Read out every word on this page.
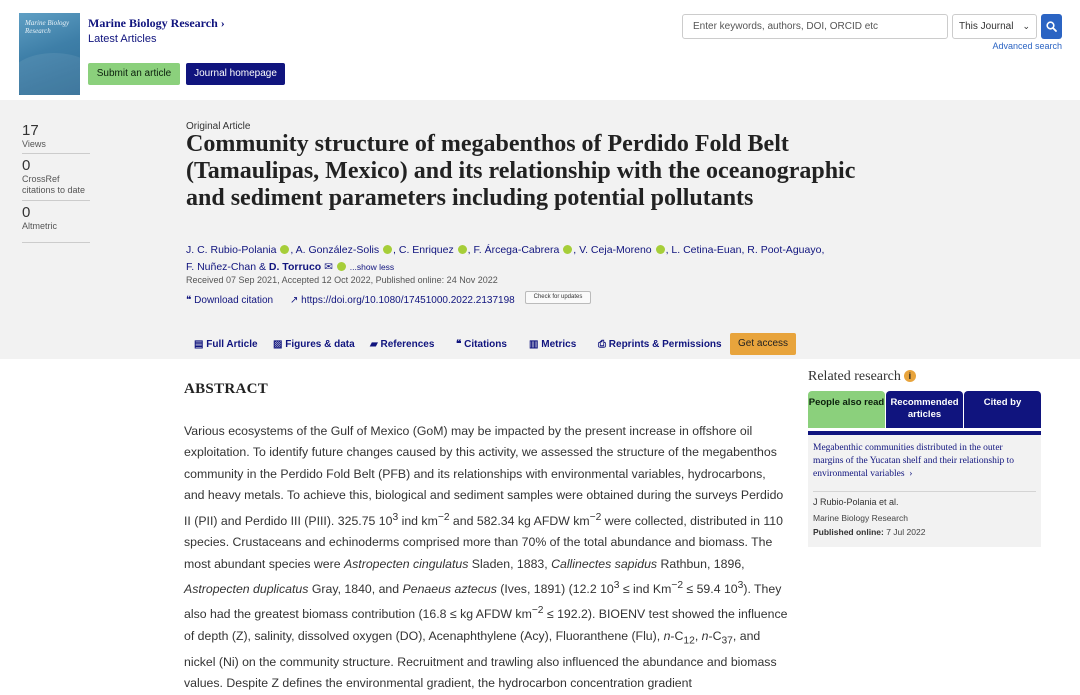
Marine Biology Research
Marine Biology Research ›
Latest Articles
Submit an article	Journal homepage
Enter keywords, authors, DOI, ORCID etc
This Journal ⌄
Advanced search
17
Views
0
CrossRef
citations to date
0
Altmetric
Original Article
Community structure of megabenthos of Perdido Fold Belt (Tamaulipas, Mexico) and its relationship with the oceanographic and sediment parameters including potential pollutants
J. C. Rubio-Polania , A. González-Solis , C. Enriquez , F. Árcega-Cabrera , V. Ceja-Moreno , L. Cetina-Euan, R. Poot-Aguayo,
F. Nuñez-Chan & D. Torruco ✉ ...show less
Received 07 Sep 2021, Accepted 12 Oct 2022, Published online: 24 Nov 2022
❝ Download citation ↗ https://doi.org/10.1080/17451000.2022.2137198	Check for updates
▤ Full Article ▨ Figures & data ▰ References ❝ Citations ▥ Metrics ⎙ Reprints & Permissions	Get access
ABSTRACT
Various ecosystems of the Gulf of Mexico (GoM) may be impacted by the present increase in offshore oil exploitation. To identify future changes caused by this activity, we assessed the structure of the megabenthos community in the Perdido Fold Belt (PFB) and its relationships with environmental variables, hydrocarbons, and heavy metals. To achieve this, biological and sediment samples were obtained during the surveys Perdido II (PII) and Perdido III (PIII). 325.75 $10^3$ ind $km^{-2}$ and 582.34 kg AFDW $km^{-2}$ were collected, distributed in 110 species. Crustaceans and echinoderms comprised more than 70% of the total abundance and biomass. The most abundant species were Astropecten cingulatus Sladen, 1883, Callinectes sapidus Rathbun, 1896, Astropecten duplicatus Gray, 1840, and Penaeus aztecus (Ives, 1891) (12.2 $10^3$ ≤ ind $Km^{-2} \le 59.4$ $10^3$). They also had the greatest biomass contribution (16.8 ≤ kg AFDW $km^{-2} \le 192.2$). BIOENV test showed the influence of depth (Z), salinity, dissolved oxygen (DO), Acenaphthylene (Acy), Fluoranthene (Flu), $n-C_{12}$, $n-C_{37}$, and nickel (Ni) on the community structure. Recruitment and trawling also influenced the abundance and biomass values. Despite Z defines the environmental gradient, the hydrocarbon concentration gradient
Related research i
People also read Recommended articles
Cited by
Megabenthic communities distributed in the outer margins of the Yucatan shelf and their relationship to environmental variables  ›
J Rubio-Polania et al.
Marine Biology Research
Published online: 7 Jul 2022
